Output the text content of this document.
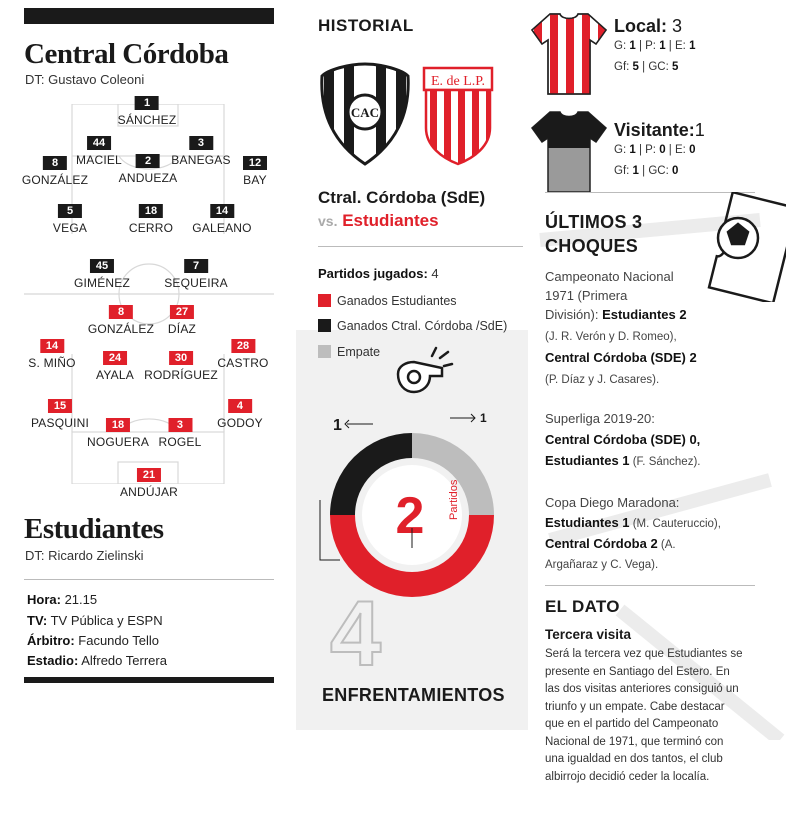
Central Córdoba
DT: Gustavo Coleoni
1
SÁNCHEZ
44
MACIEL
3
BANEGAS
8
GONZÁLEZ
2
ANDUEZA
12
BAY
5
VEGA
18
CERRO
14
GALEANO
45
GIMÉNEZ
7
SEQUEIRA
8
GONZÁLEZ
27
DÍAZ
14
S. MIÑO	24
AYALA
30
RODRÍGUEZ
28
CASTRO
15
PASQUINI	18
NOGUERA
3
ROGEL
4
GODOY
21
ANDÚJAR
Estudiantes
DT: Ricardo Zielinski
Hora: 21.15
TV: TV Pública y ESPN
Árbitro: Facundo Tello
Estadio: Alfredo Terrera
HISTORIAL
CAC
E. de L.P.
Ctral. Córdoba (SdE)
vs. Estudiantes
Partidos jugados: 4
Ganados Estudiantes
Ganados Ctral. Córdoba /SdE)
Empate
2 Partidos
1	1
4
ENFRENTAMIENTOS
Local: 3
G: 1 | P: 1 | E: 1
Gf: 5 | GC: 5
Visitante:1
G: 1 | P: 0 | E: 0
Gf: 1 | GC: 0
ÚLTIMOS 3
CHOQUES
Campeonato Nacional
1971 (Primera
División): Estudiantes 2
(J. R. Verón y D. Romeo),
Central Córdoba (SDE) 2
(P. Díaz y J. Casares).
Superliga 2019-20:
Central Córdoba (SDE) 0,
Estudiantes 1 (F. Sánchez).
Copa Diego Maradona:
Estudiantes 1 (M. Cauteruccio),
Central Córdoba 2 (A.
Argañaraz y C. Vega).
EL DATO
Tercera visita
Será la tercera vez que Estudiantes se
presente en Santiago del Estero. En
las dos visitas anteriores consiguió un
triunfo y un empate. Cabe destacar
que en el partido del Campeonato
Nacional de 1971, que terminó con
una igualdad en dos tantos, el club
albirrojo decidió ceder la localía.
